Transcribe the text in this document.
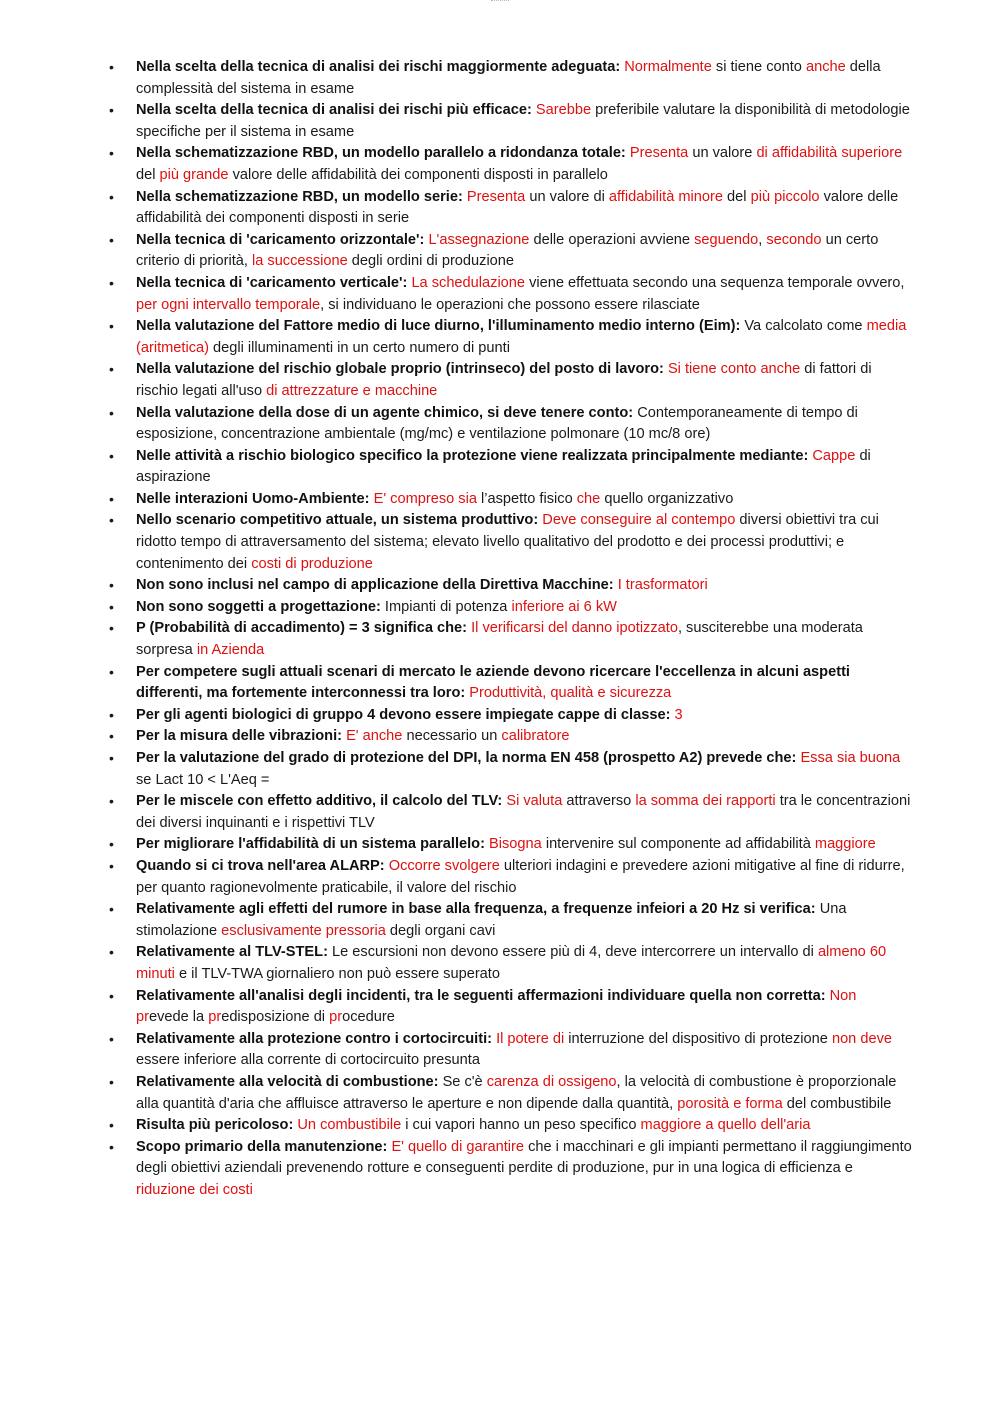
• Nella scelta della tecnica di analisi dei rischi maggiormente adeguata: Normalmente si tiene conto anche della complessità del sistema in esame
• Nella scelta della tecnica di analisi dei rischi più efficace: Sarebbe preferibile valutare la disponibilità di metodologie specifiche per il sistema in esame
• Nella schematizzazione RBD, un modello parallelo a ridondanza totale: Presenta un valore di affidabilità superiore del più grande valore delle affidabilità dei componenti disposti in parallelo
• Nella schematizzazione RBD, un modello serie: Presenta un valore di affidabilità minore del più piccolo valore delle affidabilità dei componenti disposti in serie
• Nella tecnica di 'caricamento orizzontale': L'assegnazione delle operazioni avviene seguendo, secondo un certo criterio di priorità, la successione degli ordini di produzione
• Nella tecnica di 'caricamento verticale': La schedulazione viene effettuata secondo una sequenza temporale ovvero, per ogni intervallo temporale, si individuano le operazioni che possono essere rilasciate
• Nella valutazione del Fattore medio di luce diurno, l'illuminamento medio interno (Eim): Va calcolato come media (aritmetica) degli illuminamenti in un certo numero di punti
• Nella valutazione del rischio globale proprio (intrinseco) del posto di lavoro: Si tiene conto anche di fattori di rischio legati all'uso di attrezzature e macchine
• Nella valutazione della dose di un agente chimico, si deve tenere conto: Contemporaneamente di tempo di esposizione, concentrazione ambientale (mg/mc) e ventilazione polmonare (10 mc/8 ore)
• Nelle attività a rischio biologico specifico la protezione viene realizzata principalmente mediante: Cappe di aspirazione
• Nelle interazioni Uomo-Ambiente: E' compreso sia l’aspetto fisico che quello organizzativo
• Nello scenario competitivo attuale, un sistema produttivo: Deve conseguire al contempo diversi obiettivi tra cui ridotto tempo di attraversamento del sistema; elevato livello qualitativo del prodotto e dei processi produttivi; e contenimento dei costi di produzione
• Non sono inclusi nel campo di applicazione della Direttiva Macchine: I trasformatori
• Non sono soggetti a progettazione: Impianti di potenza inferiore ai 6 kW
• P (Probabilità di accadimento) = 3 significa che: Il verificarsi del danno ipotizzato, susciterebbe una moderata sorpresa in Azienda
• Per competere sugli attuali scenari di mercato le aziende devono ricercare l'eccellenza in alcuni aspetti differenti, ma fortemente interconnessi tra loro: Produttività, qualità e sicurezza
• Per gli agenti biologici di gruppo 4 devono essere impiegate cappe di classe: 3
• Per la misura delle vibrazioni: E' anche necessario un calibratore
• Per la valutazione del grado di protezione del DPI, la norma EN 458 (prospetto A2) prevede che: Essa sia buona se Lact 10 < L'Aeq =
• Per le miscele con effetto additivo, il calcolo del TLV: Si valuta attraverso la somma dei rapporti tra le concentrazioni dei diversi inquinanti e i rispettivi TLV
• Per migliorare l'affidabilità di un sistema parallelo: Bisogna intervenire sul componente ad affidabilità maggiore
• Quando si ci trova nell'area ALARP: Occorre svolgere ulteriori indagini e prevedere azioni mitigative al fine di ridurre, per quanto ragionevolmente praticabile, il valore del rischio
• Relativamente agli effetti del rumore in base alla frequenza, a frequenze infeiori a 20 Hz si verifica: Una stimolazione esclusivamente pressoria degli organi cavi
• Relativamente al TLV-STEL: Le escursioni non devono essere più di 4, deve intercorrere un intervallo di almeno 60 minuti e il TLV-TWA giornaliero non può essere superato
• Relativamente all'analisi degli incidenti, tra le seguenti affermazioni individuare quella non corretta: Non prevede la predisposizione di procedure
• Relativamente alla protezione contro i cortocircuiti: Il potere di interruzione del dispositivo di protezione non deve essere inferiore alla corrente di cortocircuito presunta
• Relativamente alla velocità di combustione: Se c'è carenza di ossigeno, la velocità di combustione è proporzionale alla quantità d'aria che affluisce attraverso le aperture e non dipende dalla quantità, porosità e forma del combustibile
• Risulta più pericoloso: Un combustibile i cui vapori hanno un peso specifico maggiore a quello dell'aria
• Scopo primario della manutenzione: E' quello di garantire che i macchinari e gli impianti permettano il raggiungimento degli obiettivi aziendali prevenendo rotture e conseguenti perdite di produzione, pur in una logica di efficienza e riduzione dei costi
